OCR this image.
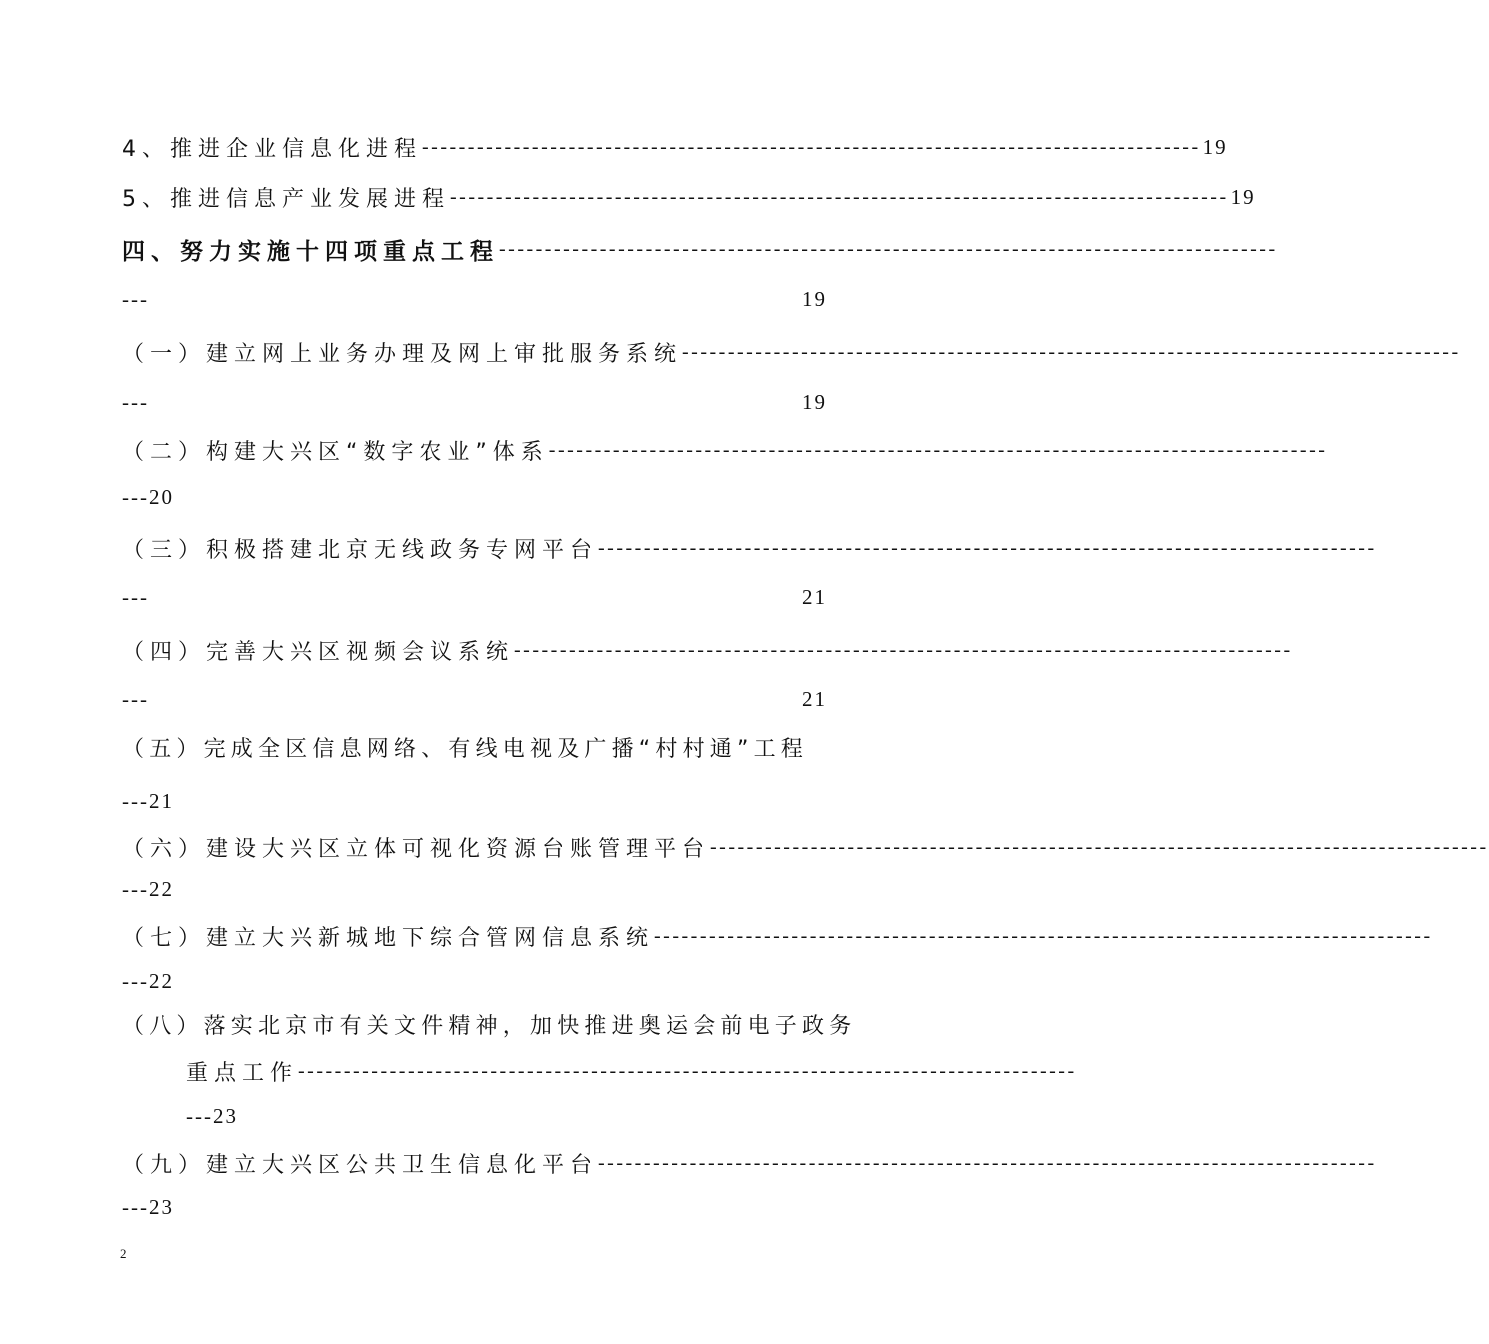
4、推进企业信息化进程 ------------------------------------------------------------------------------------- 19
5、推进信息产业发展进程 ------------------------------------------------------------------------------------- 19
四、努力实施十四项重点工程 -------------------------------------------------------------------------------------
---	19
（一）建立网上业务办理及网上审批服务系统 -------------------------------------------------------------------------------------
---	19
（二）构建大兴区“数字农业”体系 -------------------------------------------------------------------------------------
---20
（三）积极搭建北京无线政务专网平台 -------------------------------------------------------------------------------------
---	21
（四）完善大兴区视频会议系统 -------------------------------------------------------------------------------------
---	21
（五）完成全区信息网络、有线电视及广播“村村通”工程
---21
（六）建设大兴区立体可视化资源台账管理平台 -------------------------------------------------------------------------------------
---22
（七）建立大兴新城地下综合管网信息系统 -------------------------------------------------------------------------------------
---22
（八）落实北京市有关文件精神，加快推进奥运会前电子政务
重点工作 -------------------------------------------------------------------------------------
---23
（九）建立大兴区公共卫生信息化平台 -------------------------------------------------------------------------------------
---23
2
